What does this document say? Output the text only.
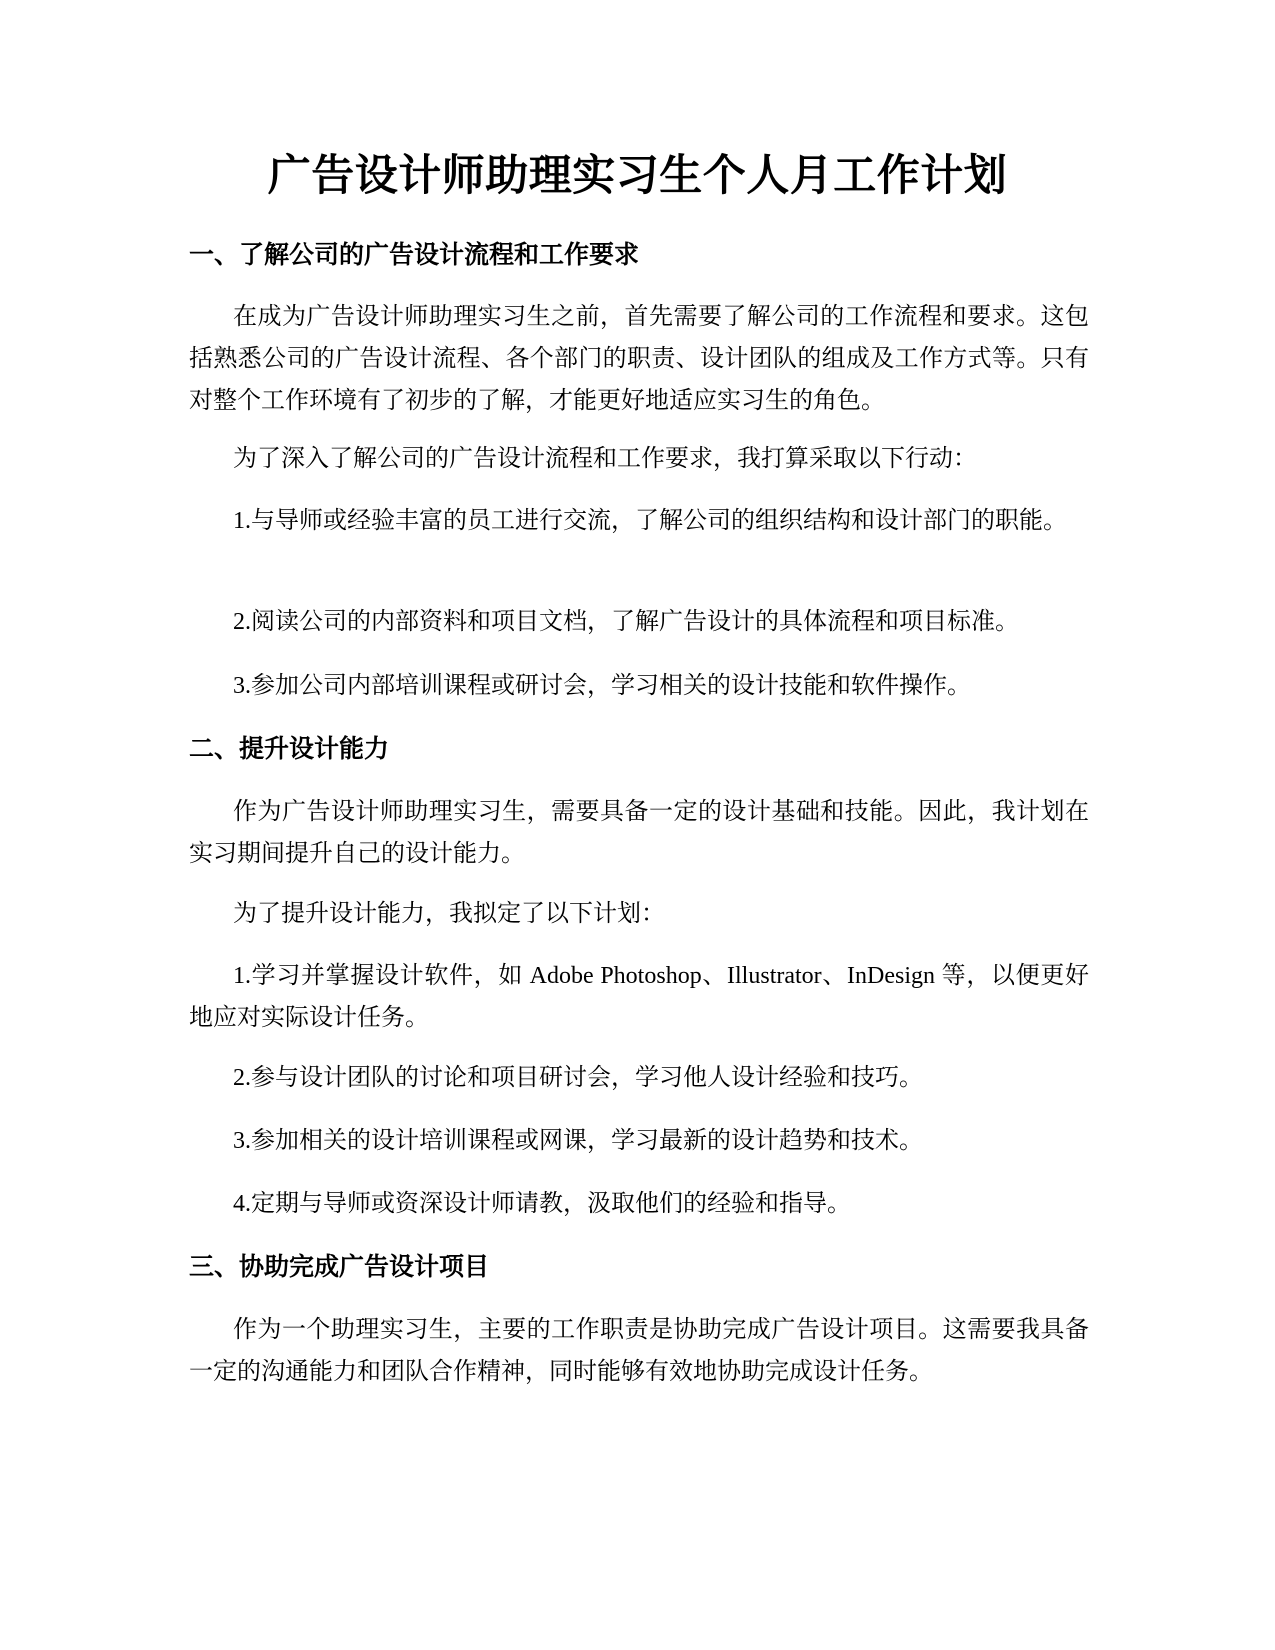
广告设计师助理实习生个人月工作计划
一、了解公司的广告设计流程和工作要求
在成为广告设计师助理实习生之前，首先需要了解公司的工作流程和要求。这包括熟悉公司的广告设计流程、各个部门的职责、设计团队的组成及工作方式等。只有对整个工作环境有了初步的了解，才能更好地适应实习生的角色。
为了深入了解公司的广告设计流程和工作要求，我打算采取以下行动：
1.与导师或经验丰富的员工进行交流，了解公司的组织结构和设计部门的职能。
2.阅读公司的内部资料和项目文档，了解广告设计的具体流程和项目标准。
3.参加公司内部培训课程或研讨会，学习相关的设计技能和软件操作。
二、提升设计能力
作为广告设计师助理实习生，需要具备一定的设计基础和技能。因此，我计划在实习期间提升自己的设计能力。
为了提升设计能力，我拟定了以下计划：
1.学习并掌握设计软件，如 Adobe Photoshop、Illustrator、InDesign 等，以便更好地应对实际设计任务。
2.参与设计团队的讨论和项目研讨会，学习他人设计经验和技巧。
3.参加相关的设计培训课程或网课，学习最新的设计趋势和技术。
4.定期与导师或资深设计师请教，汲取他们的经验和指导。
三、协助完成广告设计项目
作为一个助理实习生，主要的工作职责是协助完成广告设计项目。这需要我具备一定的沟通能力和团队合作精神，同时能够有效地协助完成设计任务。
